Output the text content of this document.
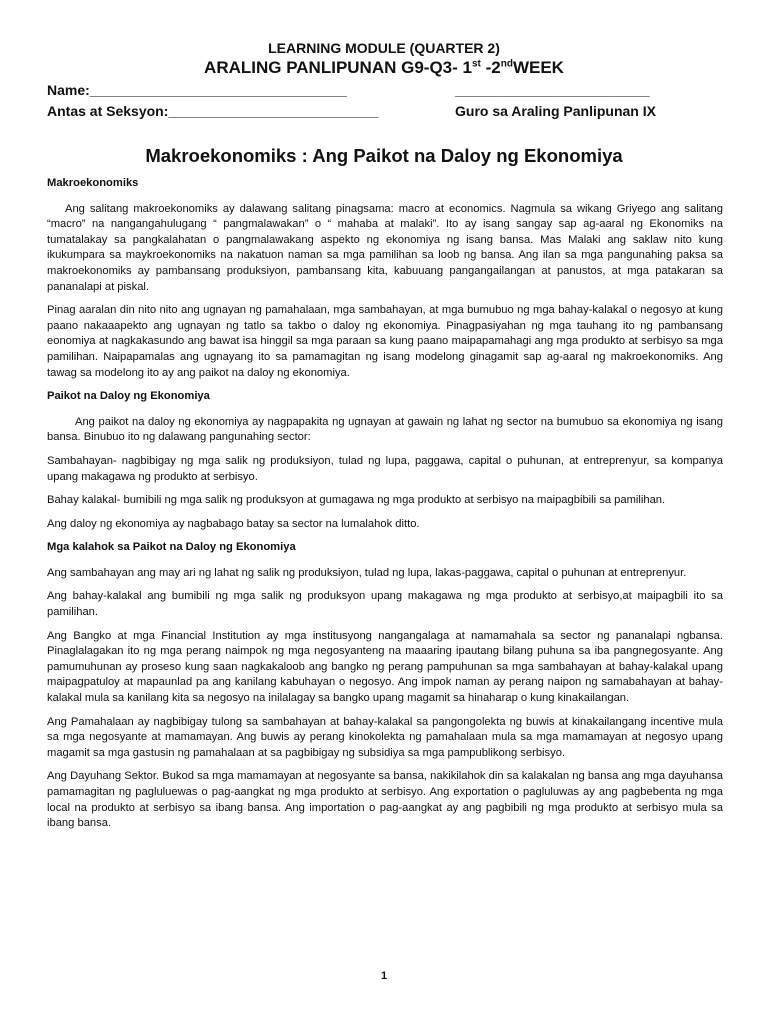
LEARNING MODULE (QUARTER 2)
ARALING PANLIPUNAN G9-Q3- 1st -2ndWEEK
Name:_________________________________	_________________________
Antas at Seksyon:___________________________	Guro sa Araling Panlipunan IX
Makroekonomiks : Ang Paikot na Daloy ng Ekonomiya

Makroekonomiks

Ang salitang makroekonomiks ay dalawang salitang pinagsama: macro at economics. Nagmula sa wikang Griyego ang salitang “macro” na nangangahulugang “ pangmalawakan” o “ mahaba at malaki”. Ito ay isang sangay sap ag-aaral ng Ekonomiks na tumatalakay sa pangkalahatan o pangmalawakang aspekto ng ekonomiya ng isang bansa. Mas Malaki ang saklaw nito kung ikukumpara sa maykroekonomiks na nakatuon naman sa mga pamilihan sa loob ng bansa. Ang ilan sa mga pangunahing paksa sa makroekonomiks ay pambansang produksiyon, pambansang kita, kabuuang pangangailangan at panustos, at mga patakaran sa pananalapi at piskal.

Pinag aaralan din nito nito ang ugnayan ng pamahalaan, mga sambahayan, at mga bumubuo ng mga bahay-kalakal o negosyo at kung paano nakaaapekto ang ugnayan ng tatlo sa takbo o daloy ng ekonomiya. Pinagpasiyahan ng mga tauhang ito ng pambansang eonomiya at nagkakasundo ang bawat isa hinggil sa mga paraan sa kung paano maipapamahagi ang mga produkto at serbisyo sa mga pamilihan. Naipapamalas ang ugnayang ito sa pamamagitan ng isang modelong ginagamit sap ag-aaral ng makroekonomiks. Ang tawag sa modelong ito ay ang paikot na daloy ng ekonomiya.

Paikot na Daloy ng Ekonomiya

Ang paikot na daloy ng ekonomiya ay nagpapakita ng ugnayan at gawain ng lahat ng sector na bumubuo sa ekonomiya ng isang bansa. Binubuo ito ng dalawang pangunahing sector:

Sambahayan- nagbibigay ng mga salik ng produksiyon, tulad ng lupa, paggawa, capital o puhunan, at entreprenyur, sa kompanya upang makagawa ng produkto at serbisyo.

Bahay kalakal- bumibili ng mga salik ng produksyon at gumagawa ng mga produkto at serbisyo na maipagbibili sa pamilihan.

Ang daloy ng ekonomiya ay nagbabago batay sa sector na lumalahok ditto.

Mga kalahok sa Paikot na Daloy ng Ekonomiya

Ang sambahayan ang may ari ng lahat ng salik ng produksiyon, tulad ng lupa, lakas-paggawa, capital o puhunan at entreprenyur.

Ang bahay-kalakal ang bumibili ng mga salik ng produksyon upang makagawa ng mga produkto at serbisyo,at maipagbili ito sa pamilihan.

Ang Bangko at mga Financial Institution ay mga institusyong nangangalaga at namamahala sa sector ng pananalapi ngbansa. Pinaglalagakan ito ng mga perang naimpok ng mga negosyanteng na maaaring ipautang bilang puhuna sa iba pangnegosyante. Ang pamumuhunan ay proseso kung saan nagkakaloob ang bangko ng perang pampuhunan sa mga sambahayan at bahay-kalakal upang maipagpatuloy at mapaunlad pa ang kanilang kabuhayan o negosyo. Ang impok naman ay perang naipon ng samabahayan at bahay-kalakal mula sa kanilang kita sa negosyo na inilalagay sa bangko upang magamit sa hinaharap o kung kinakailangan.

Ang Pamahalaan ay nagbibigay tulong sa sambahayan at bahay-kalakal sa pangongolekta ng buwis at kinakailangang incentive mula sa mga negosyante at mamamayan. Ang buwis ay perang kinokolekta ng pamahalaan mula sa mga mamamayan at negosyo upang magamit sa mga gastusin ng pamahalaan at sa pagbibigay ng subsidiya sa mga pampublikong serbisyo.

Ang Dayuhang Sektor. Bukod sa mga mamamayan at negosyante sa bansa, nakikilahok din sa kalakalan ng bansa ang mga dayuhansa pamamagitan ng pagluluewas o pag-aangkat ng mga produkto at serbisyo. Ang exportation o pagluluwas ay ang pagbebenta ng mga local na produkto at serbisyo sa ibang bansa. Ang importation o pag-aangkat ay ang pagbibili ng mga produkto at serbisyo mula sa ibang bansa.

1
